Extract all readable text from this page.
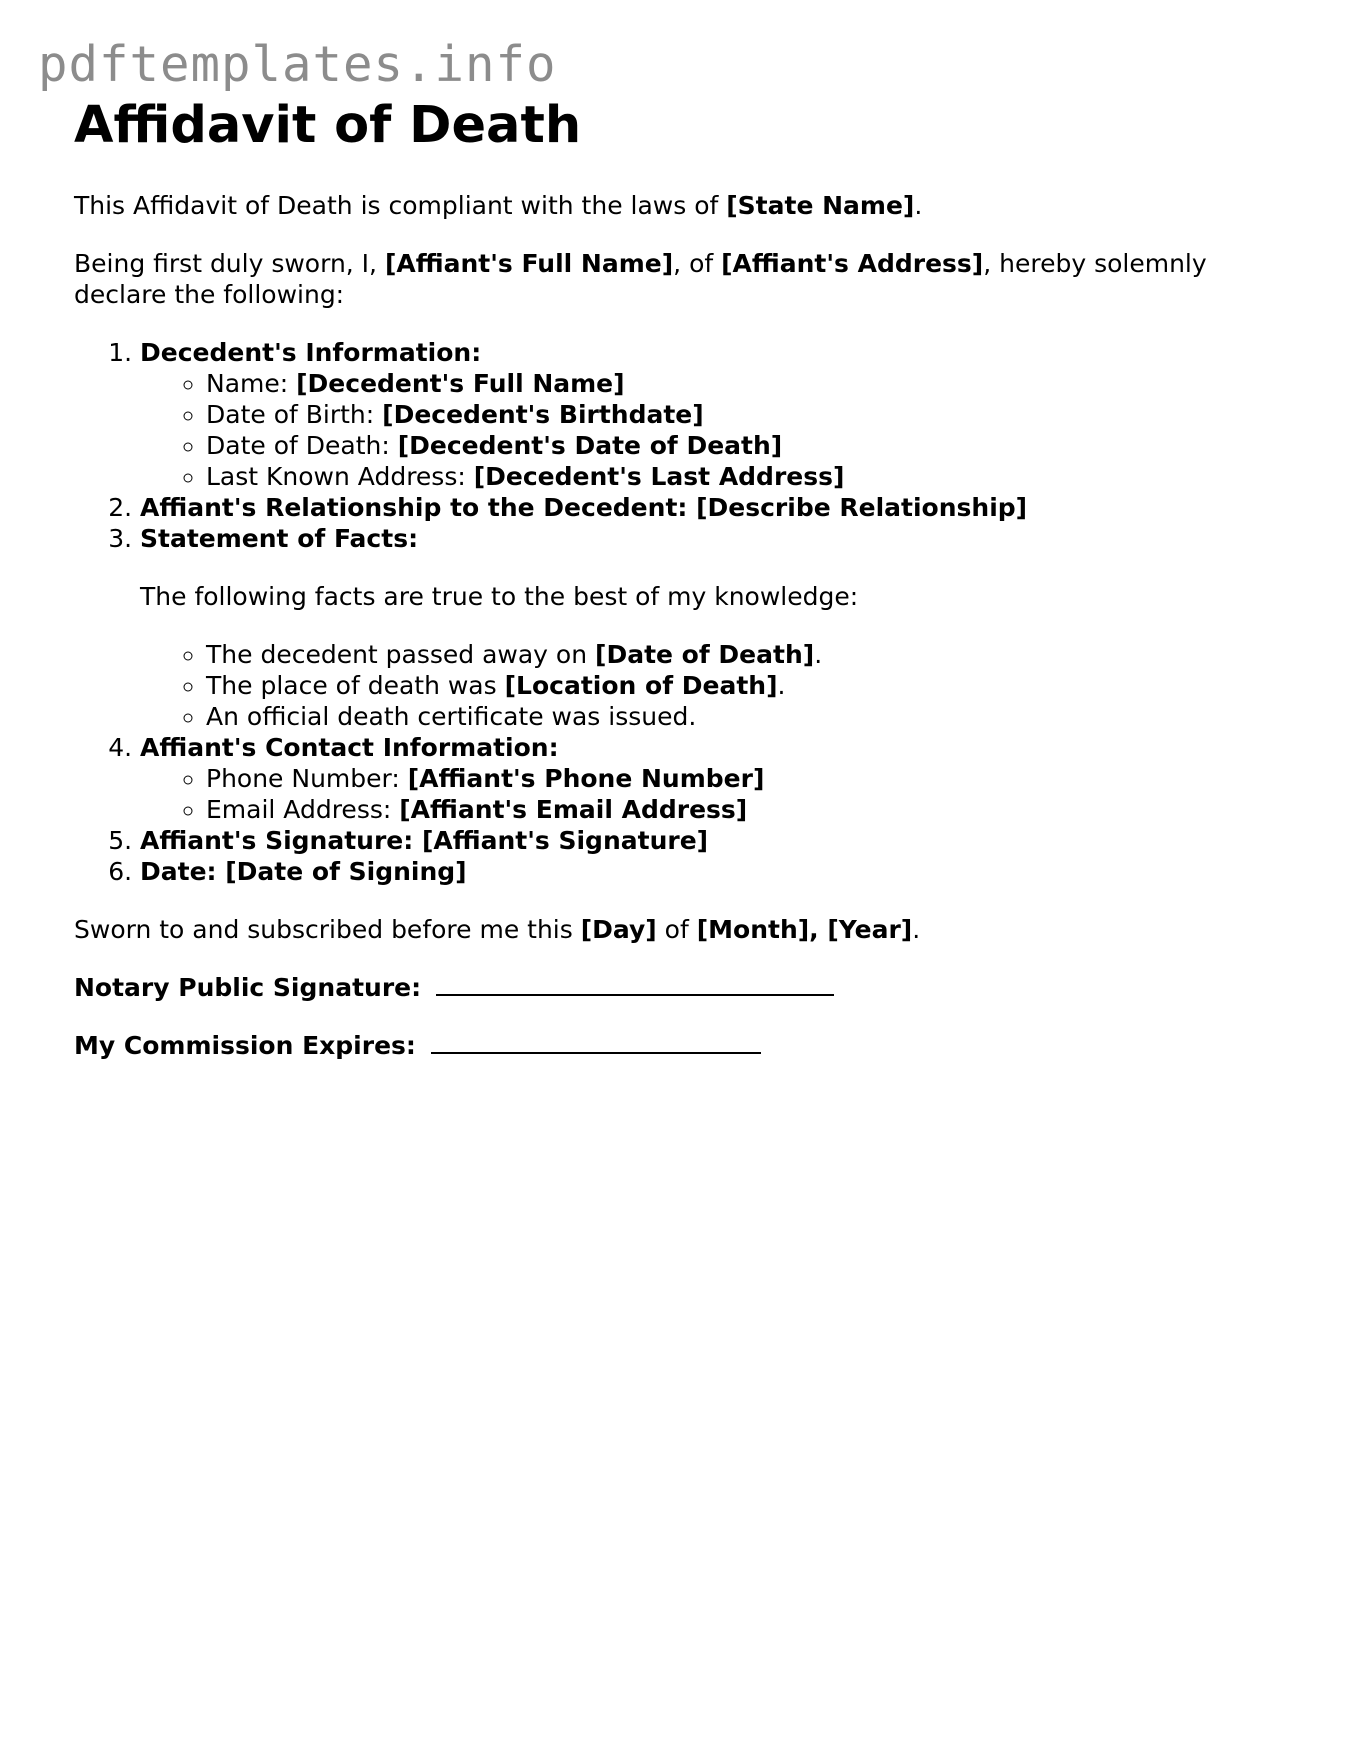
pdftemplates.info
Affidavit of Death

This Affidavit of Death is compliant with the laws of [State Name].

Being first duly sworn, I, [Affiant's Full Name], of [Affiant's Address], hereby solemnly declare the following:

1. Decedent's Information:
◦ Name: [Decedent's Full Name]
◦ Date of Birth: [Decedent's Birthdate]
◦ Date of Death: [Decedent's Date of Death]
◦ Last Known Address: [Decedent's Last Address]
2. Affiant's Relationship to the Decedent: [Describe Relationship]
3. Statement of Facts:

The following facts are true to the best of my knowledge:

◦ The decedent passed away on [Date of Death].
◦ The place of death was [Location of Death].
◦ An official death certificate was issued.
4. Affiant's Contact Information:
◦ Phone Number: [Affiant's Phone Number]
◦ Email Address: [Affiant's Email Address]
5. Affiant's Signature: [Affiant's Signature]
6. Date: [Date of Signing]

Sworn to and subscribed before me this [Day] of [Month], [Year].

Notary Public Signature:

My Commission Expires:
